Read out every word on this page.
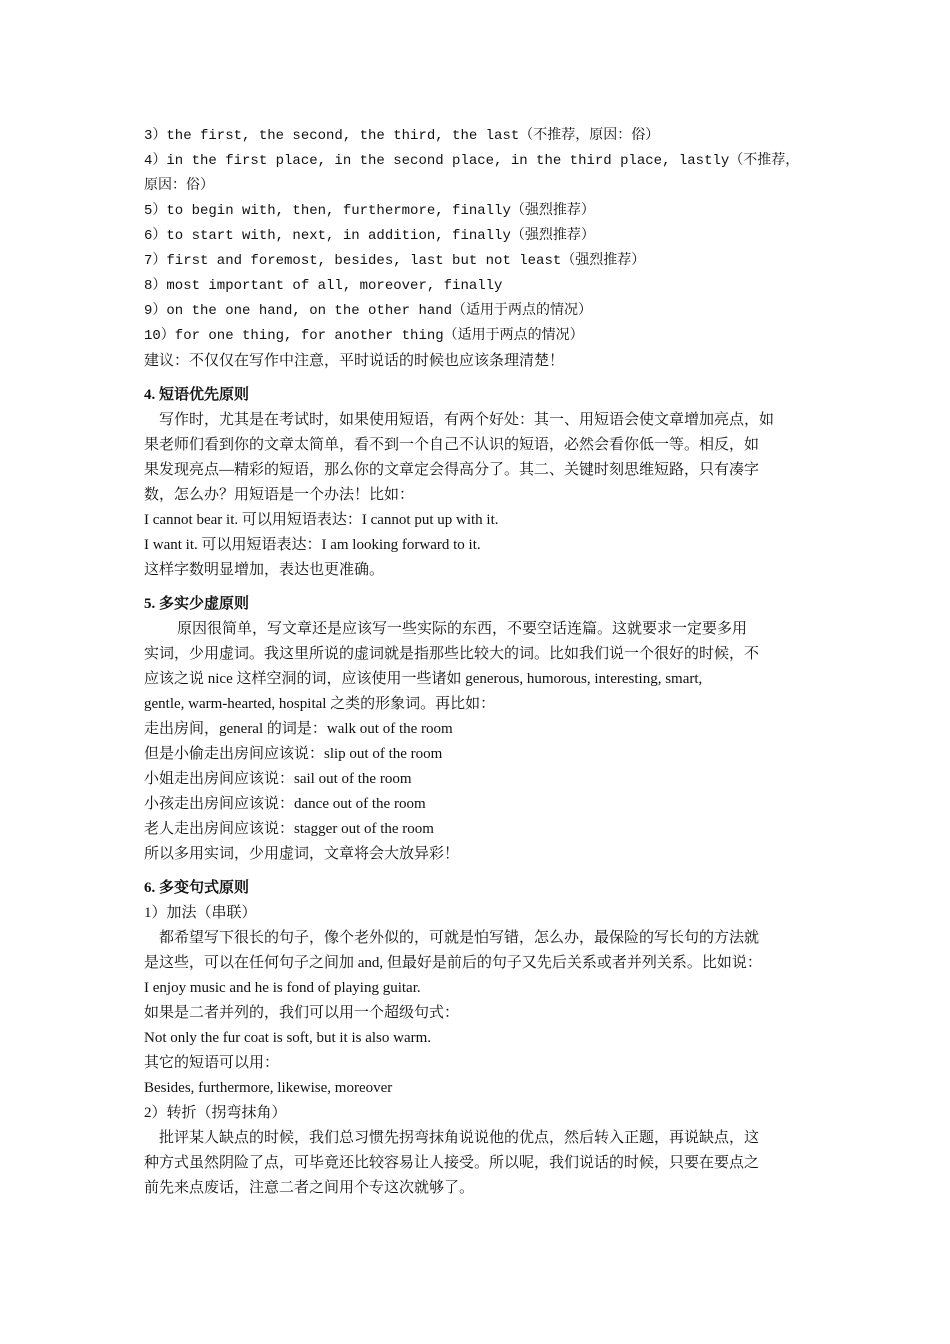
3）the first, the second, the third, the last（不推荐，原因：俗）
4）in the first place, in the second place, in the third place, lastly（不推荐，
原因：俗）
5）to begin with, then, furthermore, finally（强烈推荐）
6）to start with, next, in addition, finally（强烈推荐）
7）first and foremost, besides, last but not least（强烈推荐）
8）most important of all, moreover, finally
9）on the one hand, on the other hand（适用于两点的情况）
10）for one thing, for another thing（适用于两点的情况）
建议：不仅仅在写作中注意，平时说话的时候也应该条理清楚！
4. 短语优先原则
写作时，尤其是在考试时，如果使用短语，有两个好处：其一、用短语会使文章增加亮点，如
果老师们看到你的文章太简单，看不到一个自己不认识的短语，必然会看你低一等。相反，如
果发现亮点—精彩的短语，那么你的文章定会得高分了。其二、关键时刻思维短路，只有凑字
数，怎么办？用短语是一个办法！比如：
I cannot bear it. 可以用短语表达：I cannot put up with it.
I want it. 可以用短语表达：I am looking forward to it.
这样字数明显增加，表达也更准确。
5. 多实少虚原则
原因很简单，写文章还是应该写一些实际的东西，不要空话连篇。这就要求一定要多用
实词，少用虚词。我这里所说的虚词就是指那些比较大的词。比如我们说一个很好的时候，不
应该之说 nice 这样空洞的词，应该使用一些诸如 generous, humorous, interesting, smart,
gentle, warm-hearted, hospital 之类的形象词。再比如：
走出房间，general 的词是：walk out of the room
但是小偷走出房间应该说：slip out of the room
小姐走出房间应该说：sail out of the room
小孩走出房间应该说：dance out of the room
老人走出房间应该说：stagger out of the room
所以多用实词，少用虚词，文章将会大放异彩！
6. 多变句式原则
1）加法（串联）
都希望写下很长的句子，像个老外似的，可就是怕写错，怎么办，最保险的写长句的方法就
是这些，可以在任何句子之间加 and, 但最好是前后的句子又先后关系或者并列关系。比如说：
I enjoy music and he is fond of playing guitar.
如果是二者并列的，我们可以用一个超级句式：
Not only the fur coat is soft, but it is also warm.
其它的短语可以用：
Besides, furthermore, likewise, moreover
2）转折（拐弯抹角）
批评某人缺点的时候，我们总习惯先拐弯抹角说说他的优点，然后转入正题，再说缺点，这
种方式虽然阴险了点，可毕竟还比较容易让人接受。所以呢，我们说话的时候，只要在要点之
前先来点废话，注意二者之间用个专这次就够了。
